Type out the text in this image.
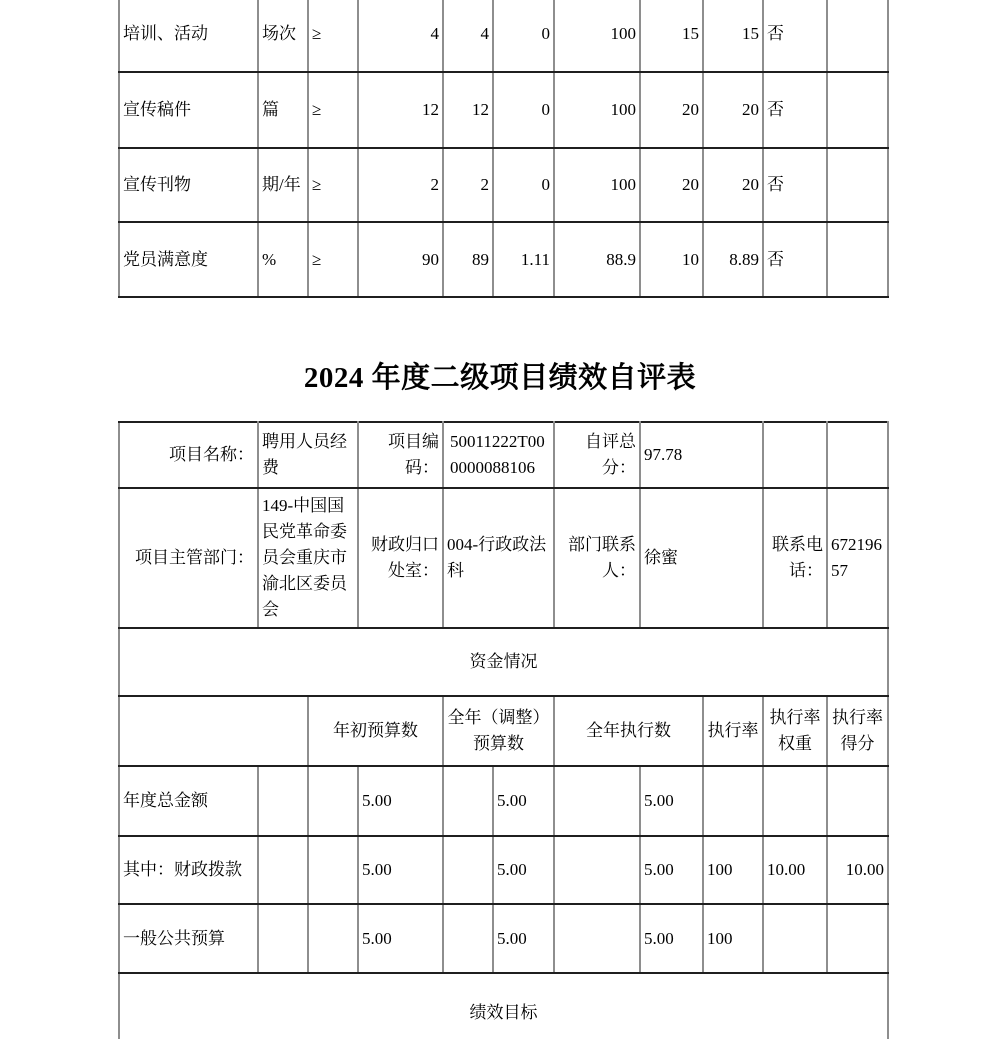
培训、活动	场次	≥	4	4	0	100	15	15	否	
宣传稿件	篇	≥	12	12	0	100	20	20	否	
宣传刊物	期/年	≥	2	2	0	100	20	20	否	
党员满意度	%	≥	90	89	1.11	88.9	10	8.89	否	
2024 年度二级项目绩效自评表
项目名称：	聘用人员经费		项目编码：	50011222T000000088106		自评总分：	97.78			
项目主管部门：	149-中国国民党革命委员会重庆市渝北区委员会		财政归口处室：	004-行政政法科		部门联系人：	徐蜜		联系电话：	67219657
资金情况										
		年初预算数		全年（调整）预算数		全年执行数		执行率	执行率权重	执行率得分
年度总金额			5.00		5.00		5.00			
其中：财政拨款			5.00		5.00		5.00	100	10.00	10.00
一般公共预算			5.00		5.00		5.00	100		
绩效目标										
